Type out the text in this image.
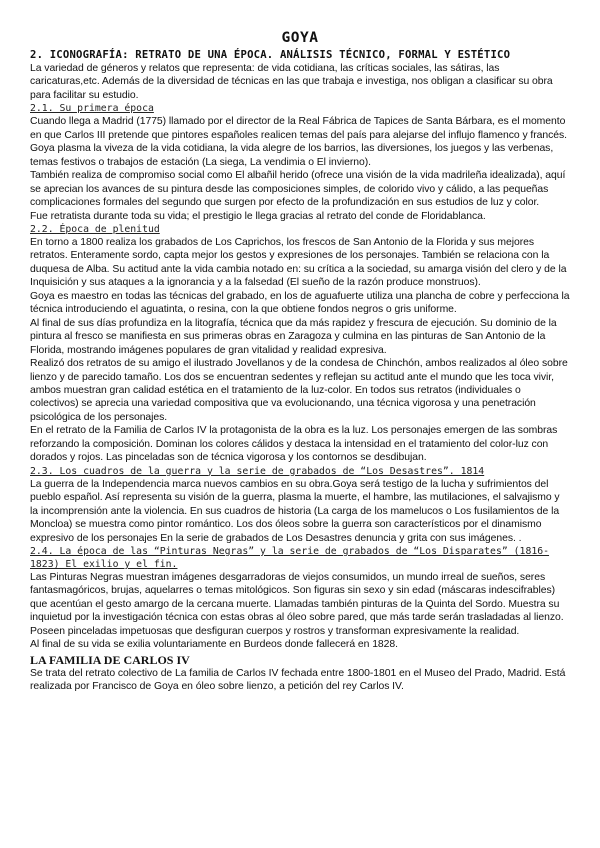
GOYA
2. ICONOGRAFÍA: RETRATO DE UNA ÉPOCA. ANÁLISIS TÉCNICO, FORMAL Y ESTÉTICO

La variedad de géneros y relatos que representa: de vida cotidiana, las críticas sociales, las sátiras, las caricaturas,etc. Además de la diversidad de técnicas en las que trabaja e investiga, nos obligan a clasificar su obra para facilitar su estudio.

2.1. Su primera época

Cuando llega a Madrid (1775) llamado por el director de la Real Fábrica de Tapices de Santa Bárbara, es el momento en que Carlos III pretende que pintores españoles realicen temas del país para alejarse del influjo flamenco y francés. Goya plasma la viveza de la vida cotidiana, la vida alegre de los barrios, las diversiones, los juegos y las verbenas, temas festivos o trabajos de estación (La siega, La vendimia o El invierno).

También realiza de compromiso social como El albañil herido (ofrece una visión de la vida madrileña idealizada), aquí se aprecian los avances de su pintura desde las composiciones simples, de colorido vivo y cálido, a las pequeñas complicaciones formales del segundo que surgen por efecto de la profundización en sus estudios de luz y color.

Fue retratista durante toda su vida; el prestigio le llega gracias al retrato del conde de Floridablanca.

2.2. Época de plenitud

En torno a 1800 realiza los grabados de Los Caprichos, los frescos de San Antonio de la Florida y sus mejores retratos. Enteramente sordo, capta mejor los gestos y expresiones de los personajes. También se relaciona con la duquesa de Alba. Su actitud ante la vida cambia notado en: su crítica a la sociedad, su amarga visión del clero y de la Inquisición y sus ataques a la ignorancia y a la falsedad (El sueño de la razón produce monstruos).

Goya es maestro en todas las técnicas del grabado, en los de aguafuerte utiliza una plancha de cobre y perfecciona la técnica introduciendo el aguatinta, o resina, con la que obtiene fondos negros o gris uniforme.

Al final de sus días profundiza en la litografía, técnica que da más rapidez y frescura de ejecución. Su dominio de la pintura al fresco se manifiesta en sus primeras obras en Zaragoza y culmina en las pinturas de San Antonio de la Florida, mostrando imágenes populares de gran vitalidad y realidad expresiva.

Realizó dos retratos de su amigo el ilustrado Jovellanos y de la condesa de Chinchón, ambos realizados al óleo sobre lienzo y de parecido tamaño. Los dos se encuentran sedentes y reflejan su actitud ante el mundo que les toca vivir, ambos muestran gran calidad estética en el tratamiento de la luz-color. En todos sus retratos (individuales o colectivos) se aprecia una variedad compositiva que va evolucionando, una técnica vigorosa y una penetración psicológica de los personajes.

En el retrato de la Familia de Carlos IV la protagonista de la obra es la luz. Los personajes emergen de las sombras reforzando la composición. Dominan los colores cálidos y destaca la intensidad en el tratamiento del color-luz con dorados y rojos. Las pinceladas son de técnica vigorosa y los contornos se desdibujan.

2.3. Los cuadros de la guerra y la serie de grabados de “Los Desastres”. 1814

La guerra de la Independencia marca nuevos cambios en su obra.Goya será testigo de la lucha y sufrimientos del pueblo español. Así representa su visión de la guerra, plasma la muerte, el hambre, las mutilaciones, el salvajismo y la incomprensión ante la violencia. En sus cuadros de historia (La carga de los mamelucos o Los fusilamientos de la Moncloa) se muestra como pintor romántico. Los dos óleos sobre la guerra son característicos por el dinamismo expresivo de los personajes En la serie de grabados de Los Desastres denuncia y grita con sus imágenes. .

2.4. La época de las “Pinturas Negras” y la serie de grabados de “Los Disparates” (1816-1823) El exilio y el fin.

Las Pinturas Negras muestran imágenes desgarradoras de viejos consumidos, un mundo irreal de sueños, seres fantasmagóricos, brujas, aquelarres o temas mitológicos. Son figuras sin sexo y sin edad (máscaras indescifrables) que acentúan el gesto amargo de la cercana muerte. Llamadas también pinturas de la Quinta del Sordo. Muestra su inquietud por la investigación técnica con estas obras al óleo sobre pared, que más tarde serán trasladadas al lienzo. Poseen pinceladas impetuosas que desfiguran cuerpos y rostros y transforman expresivamente la realidad.

Al final de su vida se exilia voluntariamente en Burdeos donde fallecerá en 1828.

LA FAMILIA DE CARLOS IV

Se trata del retrato colectivo de La familia de Carlos IV fechada entre 1800-1801 en el Museo del Prado, Madrid. Está realizada por Francisco de Goya en óleo sobre lienzo, a petición del rey Carlos IV.
